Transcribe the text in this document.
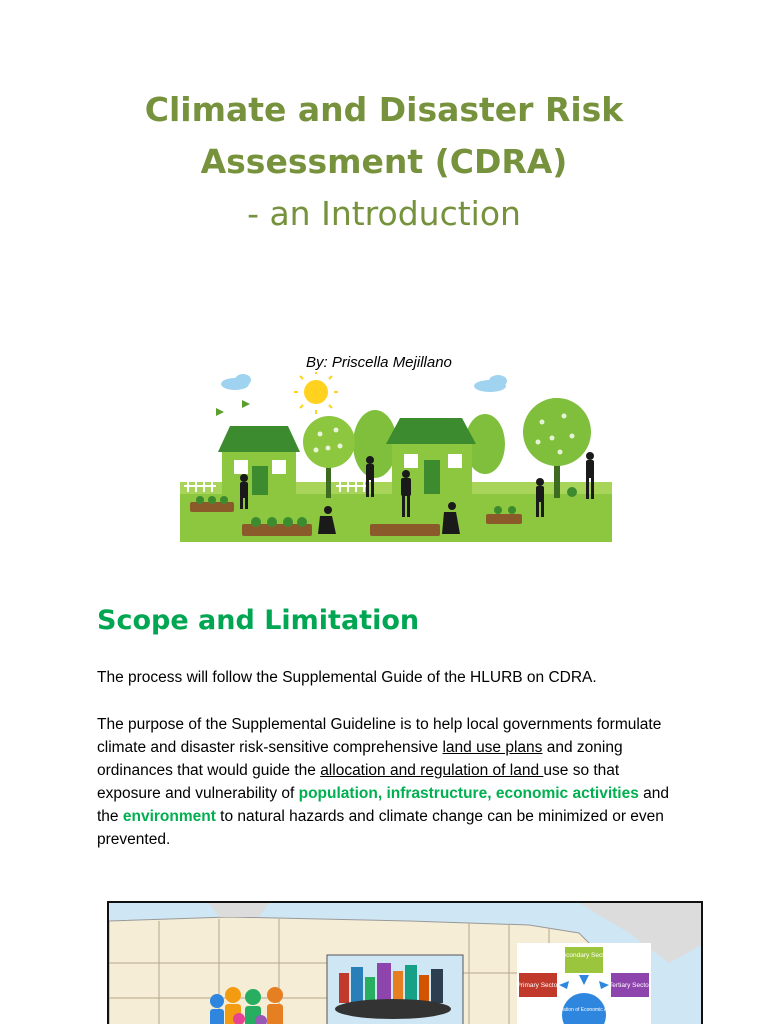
Climate and Disaster Risk
Assessment (CDRA)
- an Introduction
By: Priscella Mejillano
Scope and Limitation
The process will follow the Supplemental Guide of the HLURB on CDRA.
The purpose of the Supplemental Guideline is to help local governments formulate climate and disaster risk-sensitive comprehensive land use plans and zoning ordinances that would guide the allocation and regulation of land use so that exposure and vulnerability of population, infrastructure, economic activities and the environment to natural hazards and climate change can be minimized or even prevented.
Secondary Sector
Primary Sector	Tertiary Sector
Classification of Economic Activities
